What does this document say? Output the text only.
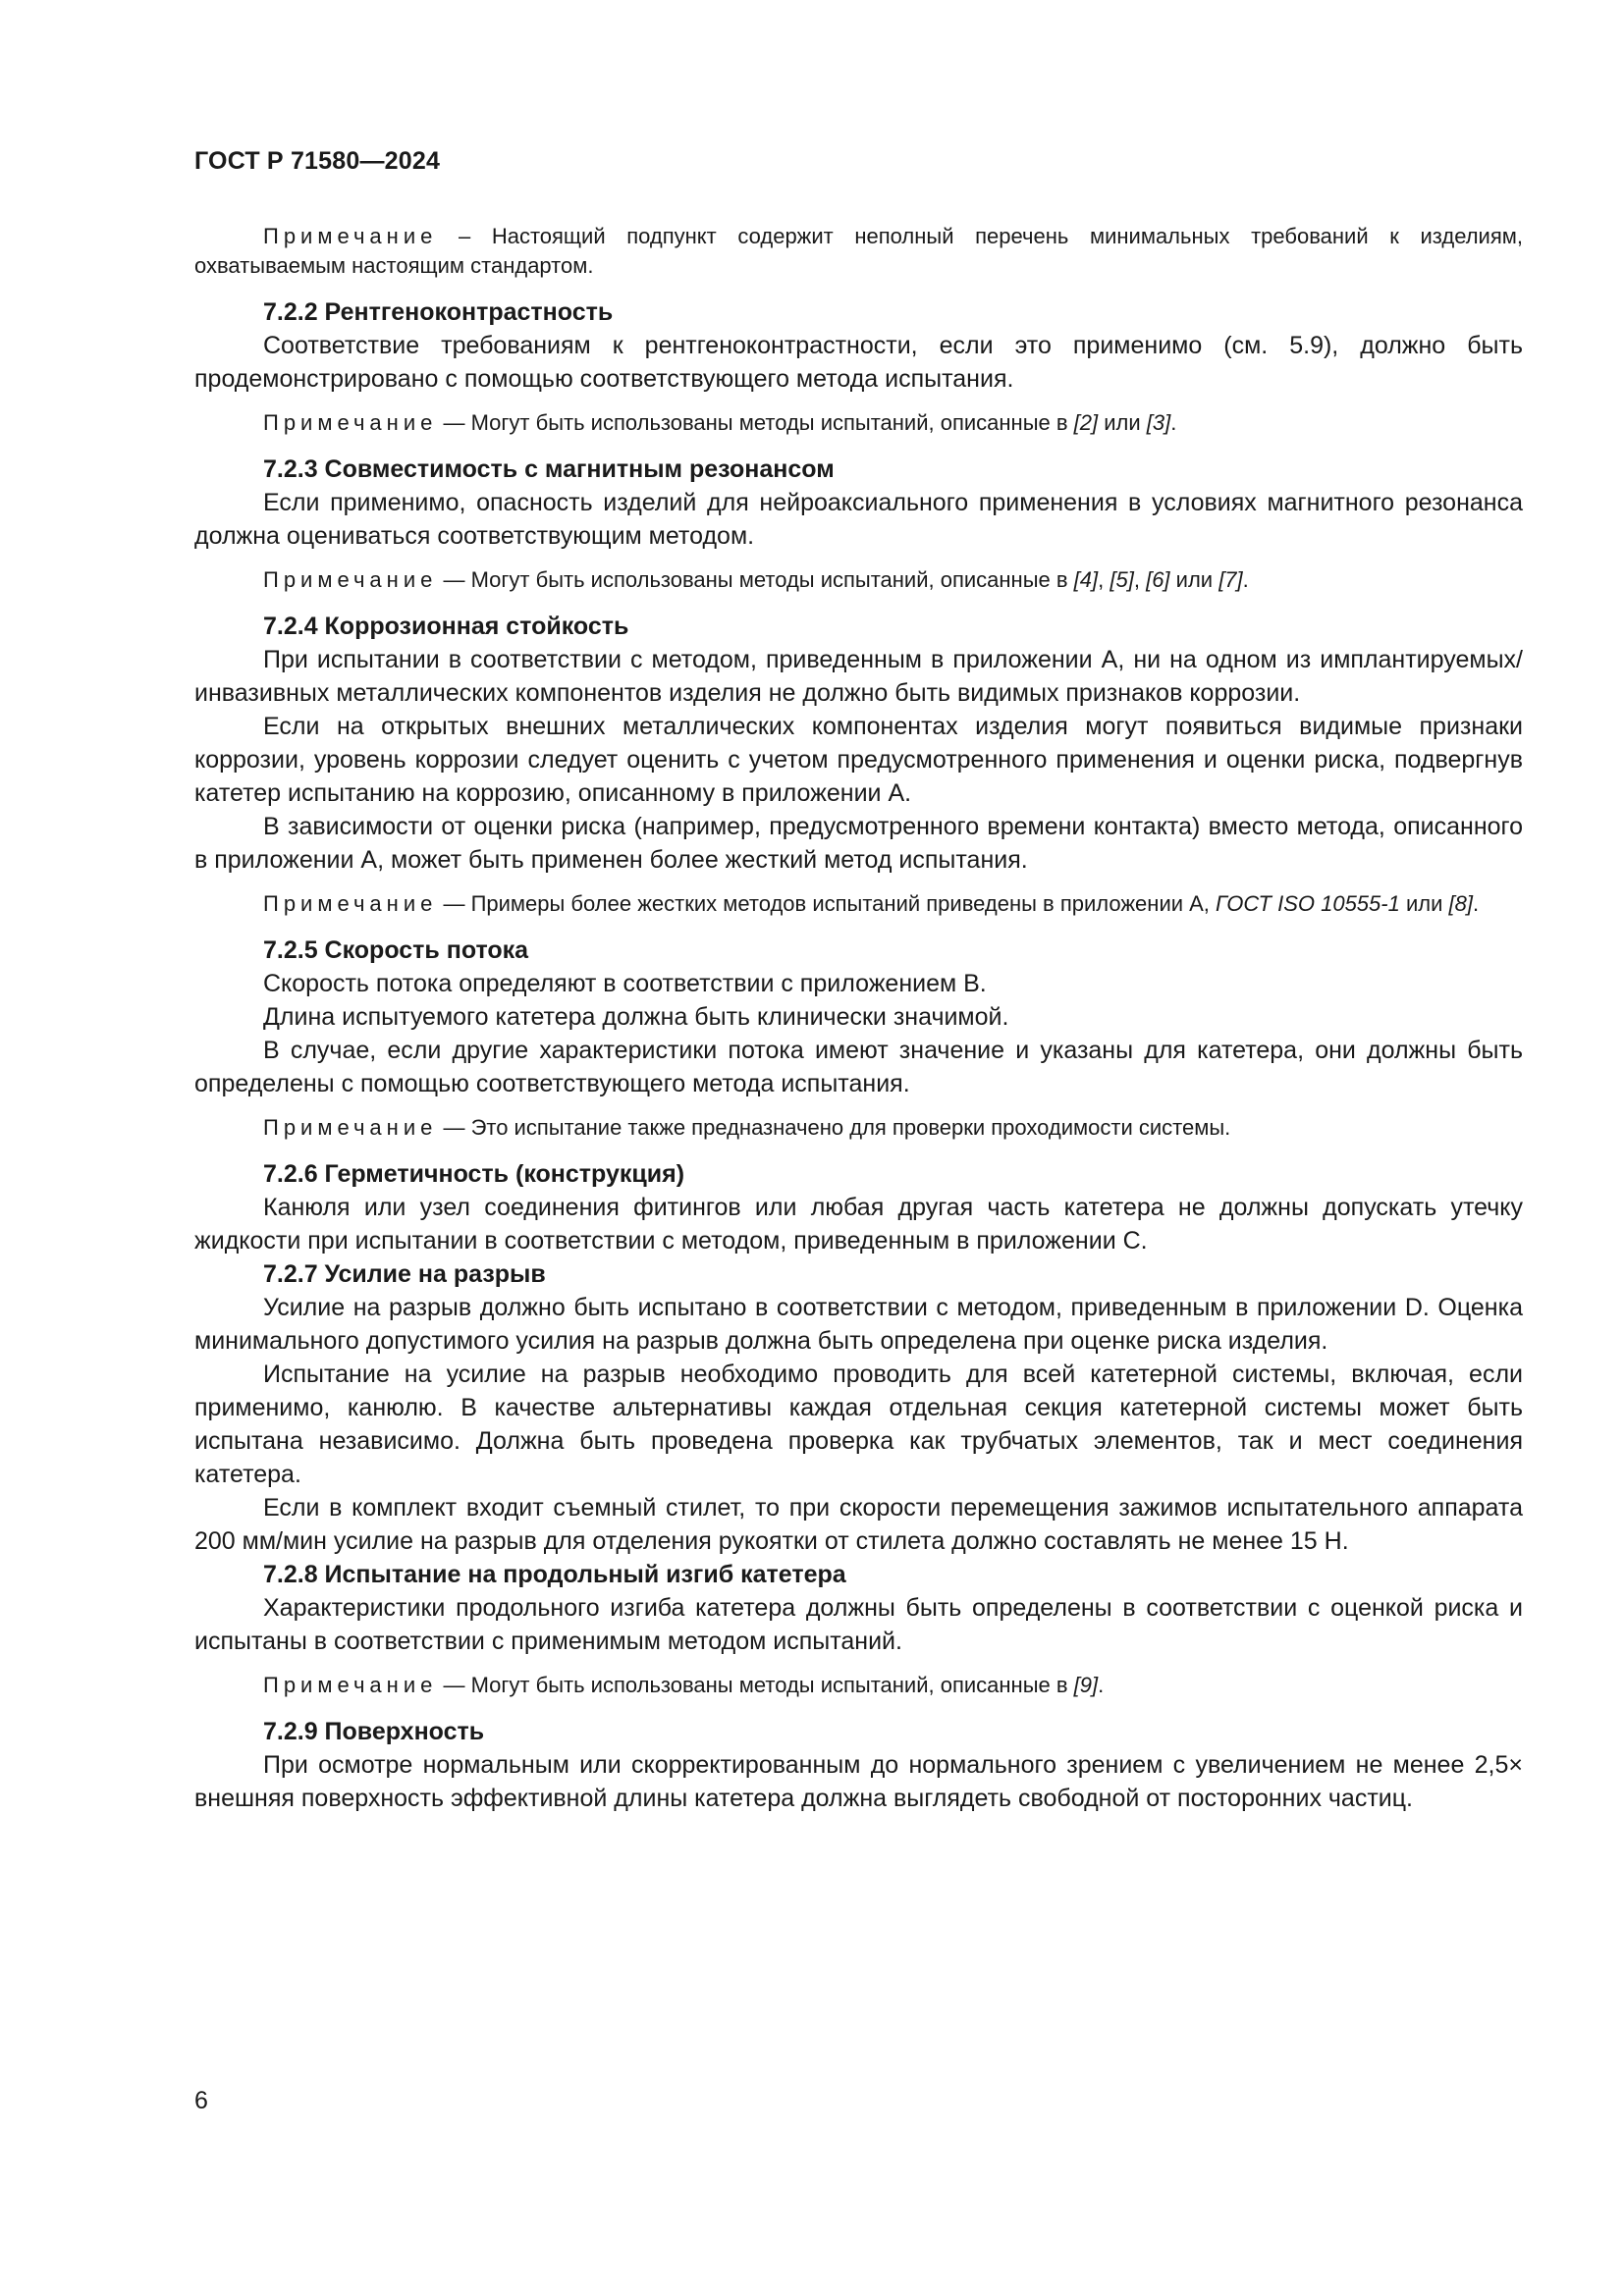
ГОСТ Р 71580—2024

Примечание – Настоящий подпункт содержит неполный перечень минимальных требований к изделиям, охватываемым настоящим стандартом.

7.2.2 Рентгеноконтрастность

Соответствие требованиям к рентгеноконтрастности, если это применимо (см. 5.9), должно быть продемонстрировано с помощью соответствующего метода испытания.

Примечание — Могут быть использованы методы испытаний, описанные в [2] или [3].

7.2.3 Совместимость с магнитным резонансом

Если применимо, опасность изделий для нейроаксиального применения в условиях магнитного резонанса должна оцениваться соответствующим методом.

Примечание — Могут быть использованы методы испытаний, описанные в [4], [5], [6] или [7].

7.2.4 Коррозионная стойкость

При испытании в соответствии с методом, приведенным в приложении А, ни на одном из имплантируемых/инвазивных металлических компонентов изделия не должно быть видимых признаков коррозии.

Если на открытых внешних металлических компонентах изделия могут появиться видимые признаки коррозии, уровень коррозии следует оценить с учетом предусмотренного применения и оценки риска, подвергнув катетер испытанию на коррозию, описанному в приложении А.

В зависимости от оценки риска (например, предусмотренного времени контакта) вместо метода, описанного в приложении А, может быть применен более жесткий метод испытания.

Примечание — Примеры более жестких методов испытаний приведены в приложении А, ГОСТ ISO 10555-1 или [8].

7.2.5 Скорость потока

Скорость потока определяют в соответствии с приложением В.

Длина испытуемого катетера должна быть клинически значимой.

В случае, если другие характеристики потока имеют значение и указаны для катетера, они должны быть определены с помощью соответствующего метода испытания.

Примечание — Это испытание также предназначено для проверки проходимости системы.

7.2.6 Герметичность (конструкция)

Канюля или узел соединения фитингов или любая другая часть катетера не должны допускать утечку жидкости при испытании в соответствии с методом, приведенным в приложении С.

7.2.7 Усилие на разрыв

Усилие на разрыв должно быть испытано в соответствии с методом, приведенным в приложении D. Оценка минимального допустимого усилия на разрыв должна быть определена при оценке риска изделия.

Испытание на усилие на разрыв необходимо проводить для всей катетерной системы, включая, если применимо, канюлю. В качестве альтернативы каждая отдельная секция катетерной системы может быть испытана независимо. Должна быть проведена проверка как трубчатых элементов, так и мест соединения катетера.

Если в комплект входит съемный стилет, то при скорости перемещения зажимов испытательного аппарата 200 мм/мин усилие на разрыв для отделения рукоятки от стилета должно составлять не менее 15 Н.

7.2.8 Испытание на продольный изгиб катетера

Характеристики продольного изгиба катетера должны быть определены в соответствии с оценкой риска и испытаны в соответствии с применимым методом испытаний.

Примечание — Могут быть использованы методы испытаний, описанные в [9].

7.2.9 Поверхность

При осмотре нормальным или скорректированным до нормального зрением с увеличением не менее 2,5× внешняя поверхность эффективной длины катетера должна выглядеть свободной от посторонних частиц.

6
